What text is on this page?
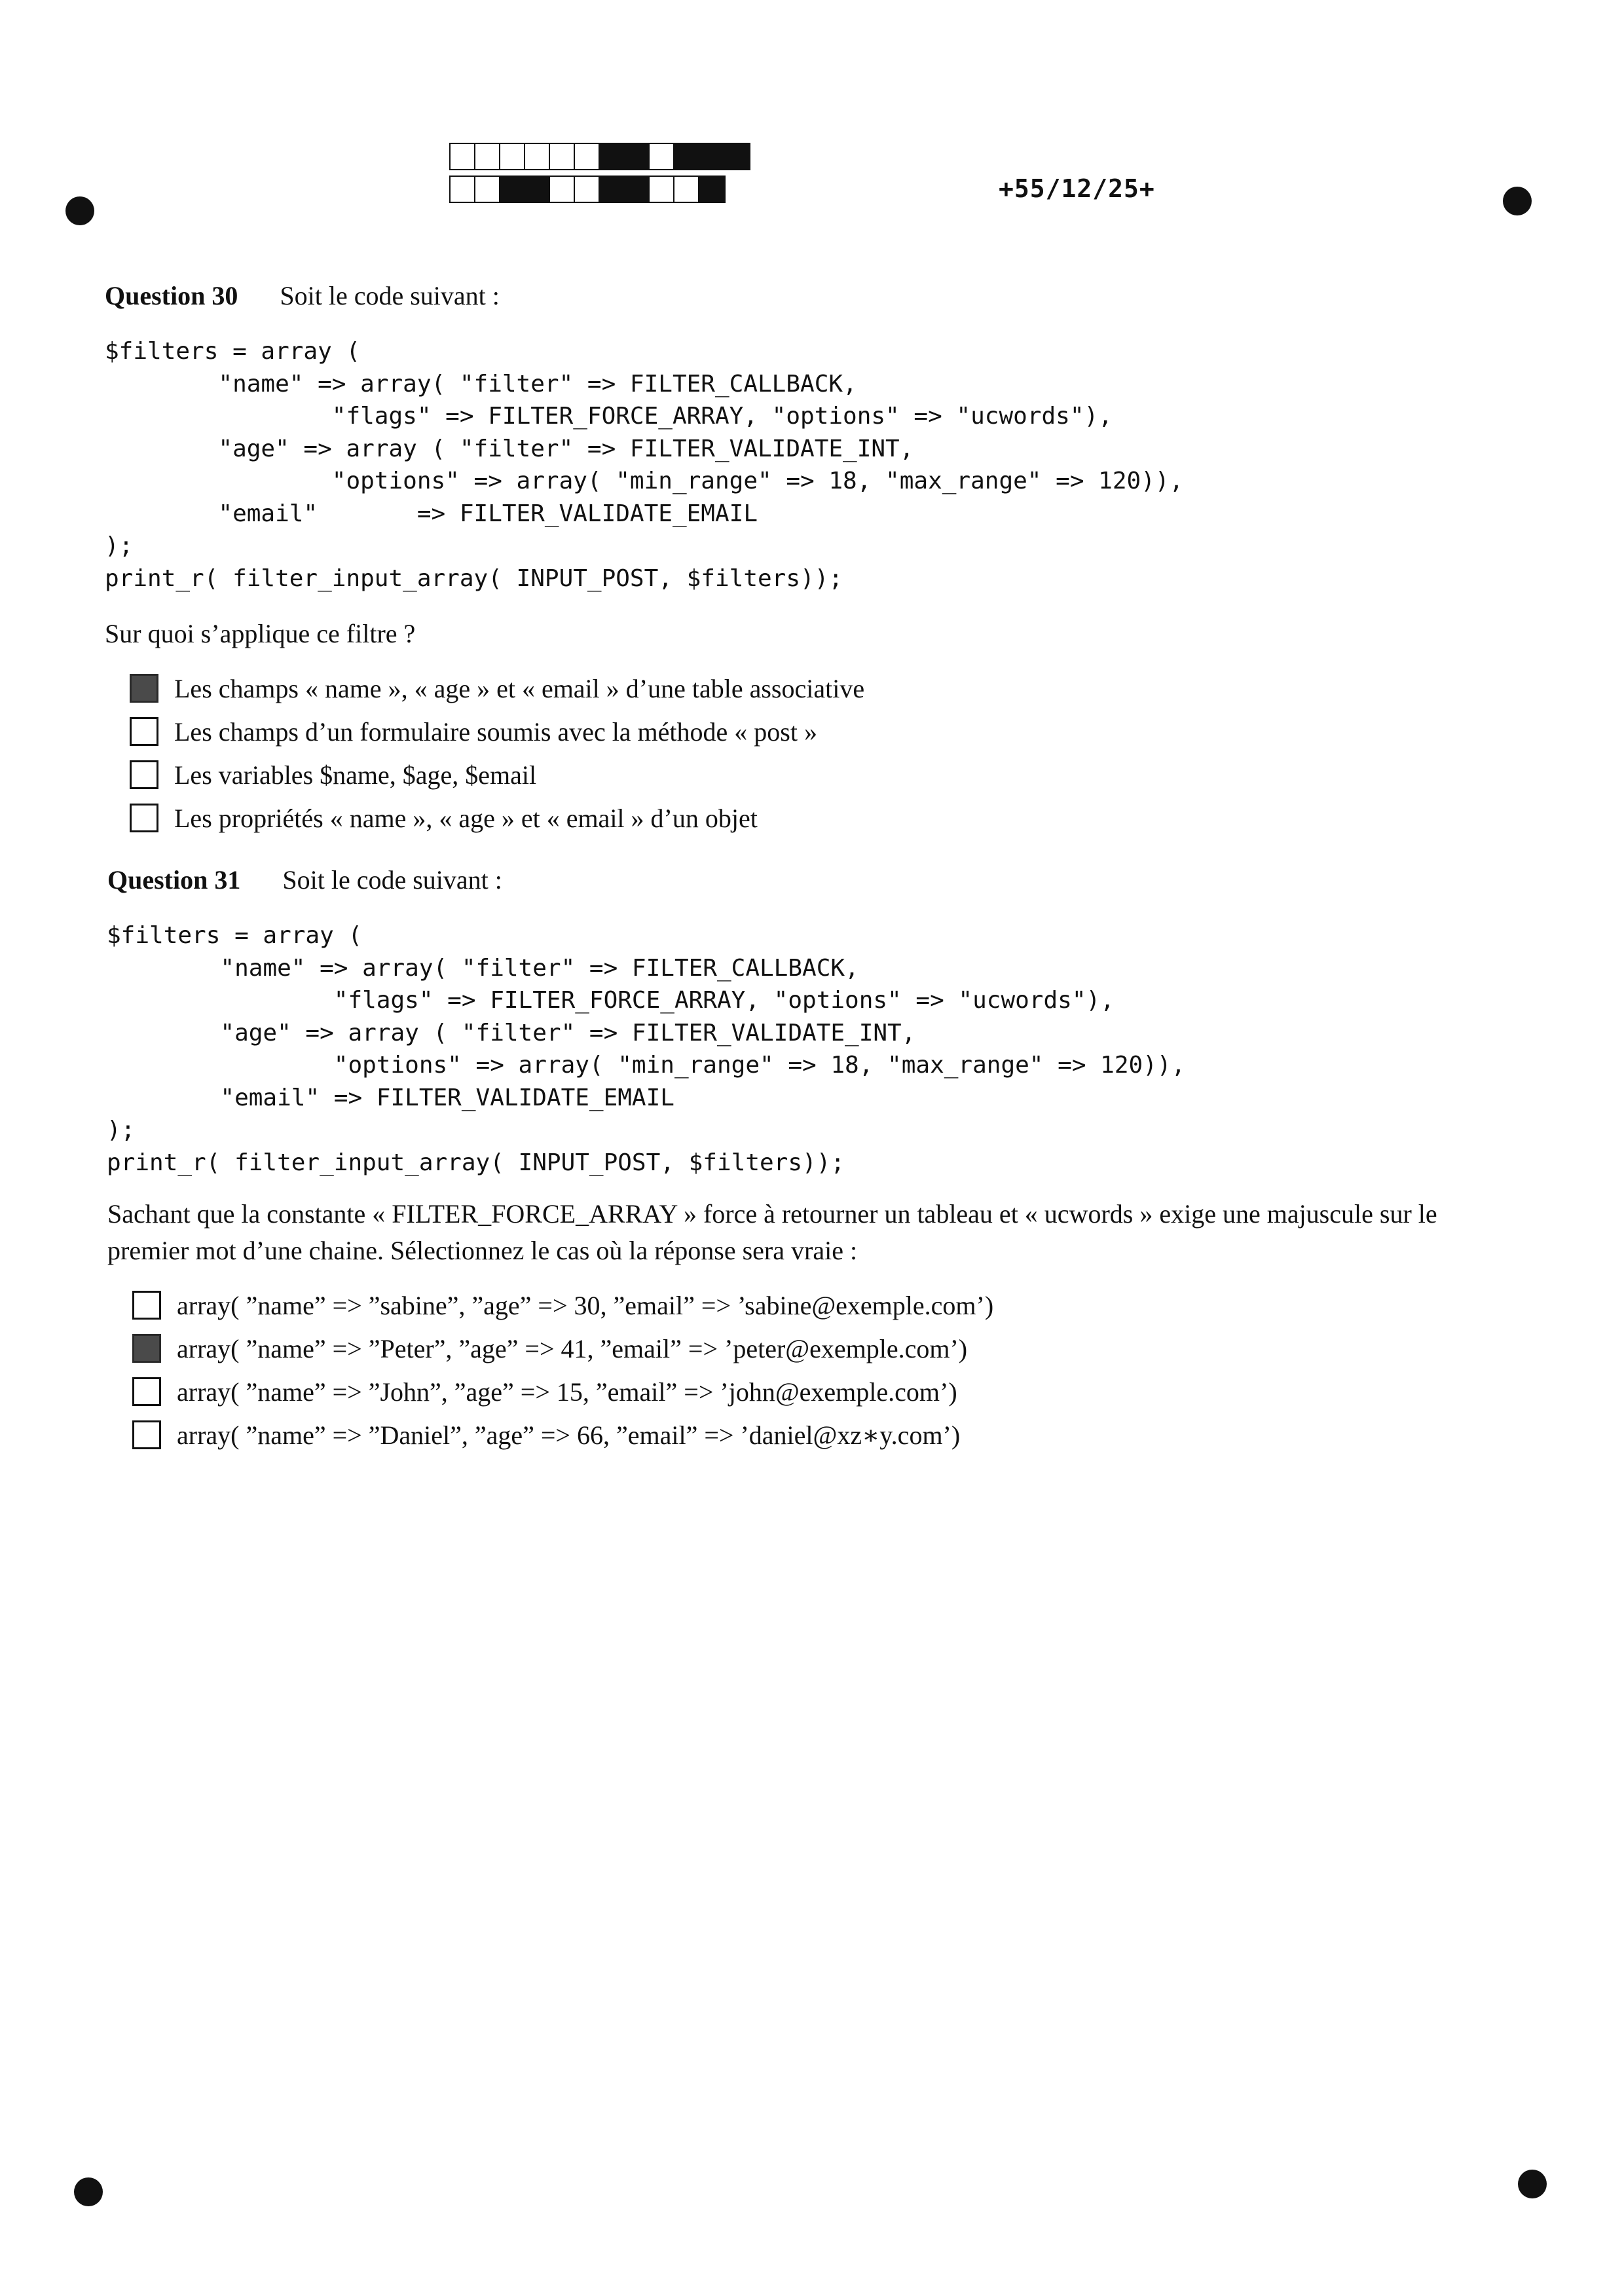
+55/12/25+
Question 30 Soit le code suivant :
$filters = array (
"name" => array( "filter" => FILTER_CALLBACK,
"flags" => FILTER_FORCE_ARRAY, "options" => "ucwords"),
"age" => array ( "filter" => FILTER_VALIDATE_INT,
"options" => array( "min_range" => 18, "max_range" => 120)),
"email"       => FILTER_VALIDATE_EMAIL
);
print_r( filter_input_array( INPUT_POST, $filters));
Sur quoi s’applique ce filtre ?
Les champs « name », « age » et « email » d’une table associative
Les champs d’un formulaire soumis avec la méthode « post »
Les variables $name, $age, $email
Les propriétés « name », « age » et « email » d’un objet
Question 31 Soit le code suivant :
$filters = array (
"name" => array( "filter" => FILTER_CALLBACK,
"flags" => FILTER_FORCE_ARRAY, "options" => "ucwords"),
"age" => array ( "filter" => FILTER_VALIDATE_INT,
"options" => array( "min_range" => 18, "max_range" => 120)),
"email" => FILTER_VALIDATE_EMAIL
);
print_r( filter_input_array( INPUT_POST, $filters));
Sachant que la constante « FILTER_FORCE_ARRAY » force à retourner un tableau et « ucwords » exige une majuscule sur le premier mot d’une chaine. Sélectionnez le cas où la réponse sera vraie :
array( ”name” => ”sabine”, ”age” => 30, ”email” => ’sabine@exemple.com’)
array( ”name” => ”Peter”, ”age” => 41, ”email” => ’peter@exemple.com’)
array( ”name” => ”John”, ”age” => 15, ”email” => ’john@exemple.com’)
array( ”name” => ”Daniel”, ”age” => 66, ”email” => ’daniel@xz∗y.com’)
